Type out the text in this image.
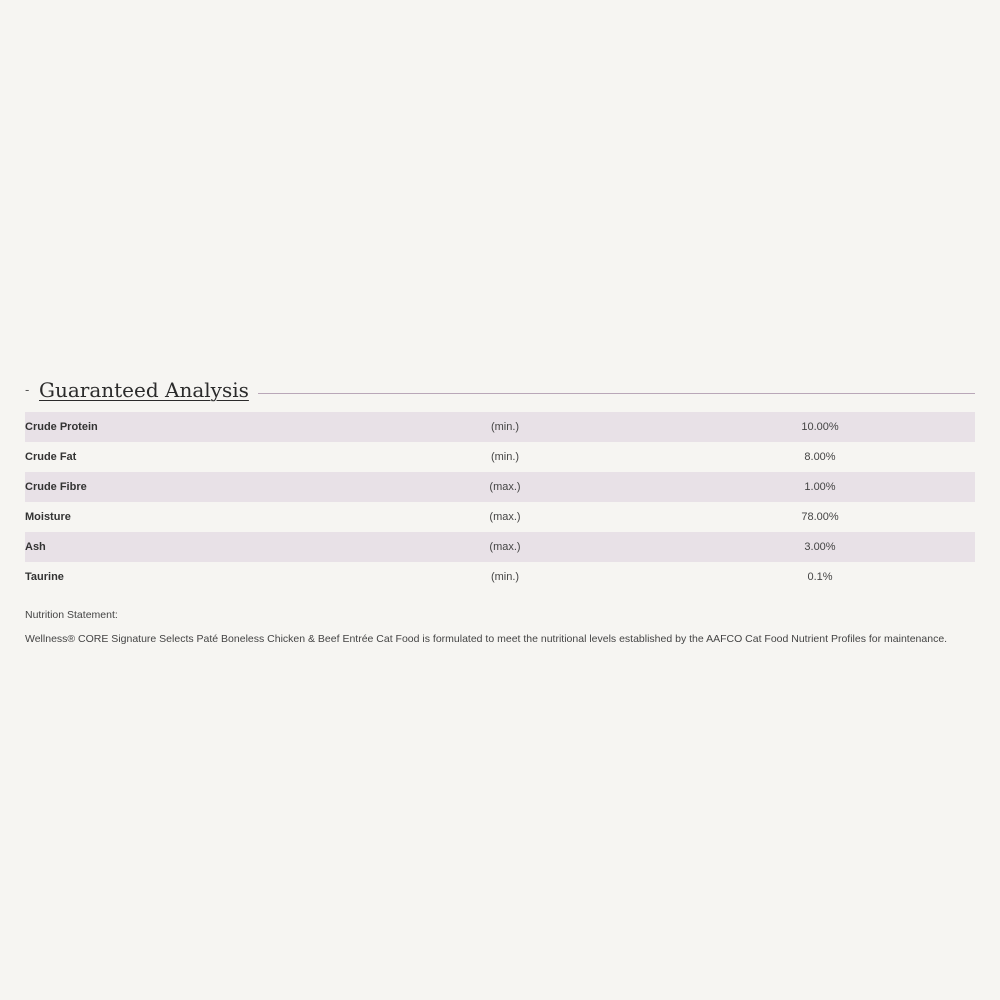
- Guaranteed Analysis
Crude Protein	(min.)	10.00%
Crude Fat	(min.)	8.00%
Crude Fibre	(max.)	1.00%
Moisture	(max.)	78.00%
Ash	(max.)	3.00%
Taurine	(min.)	0.1%
Nutrition Statement:
Wellness® CORE Signature Selects Paté Boneless Chicken & Beef Entrée Cat Food is formulated to meet the nutritional levels established by the AAFCO Cat Food Nutrient Profiles for maintenance.
